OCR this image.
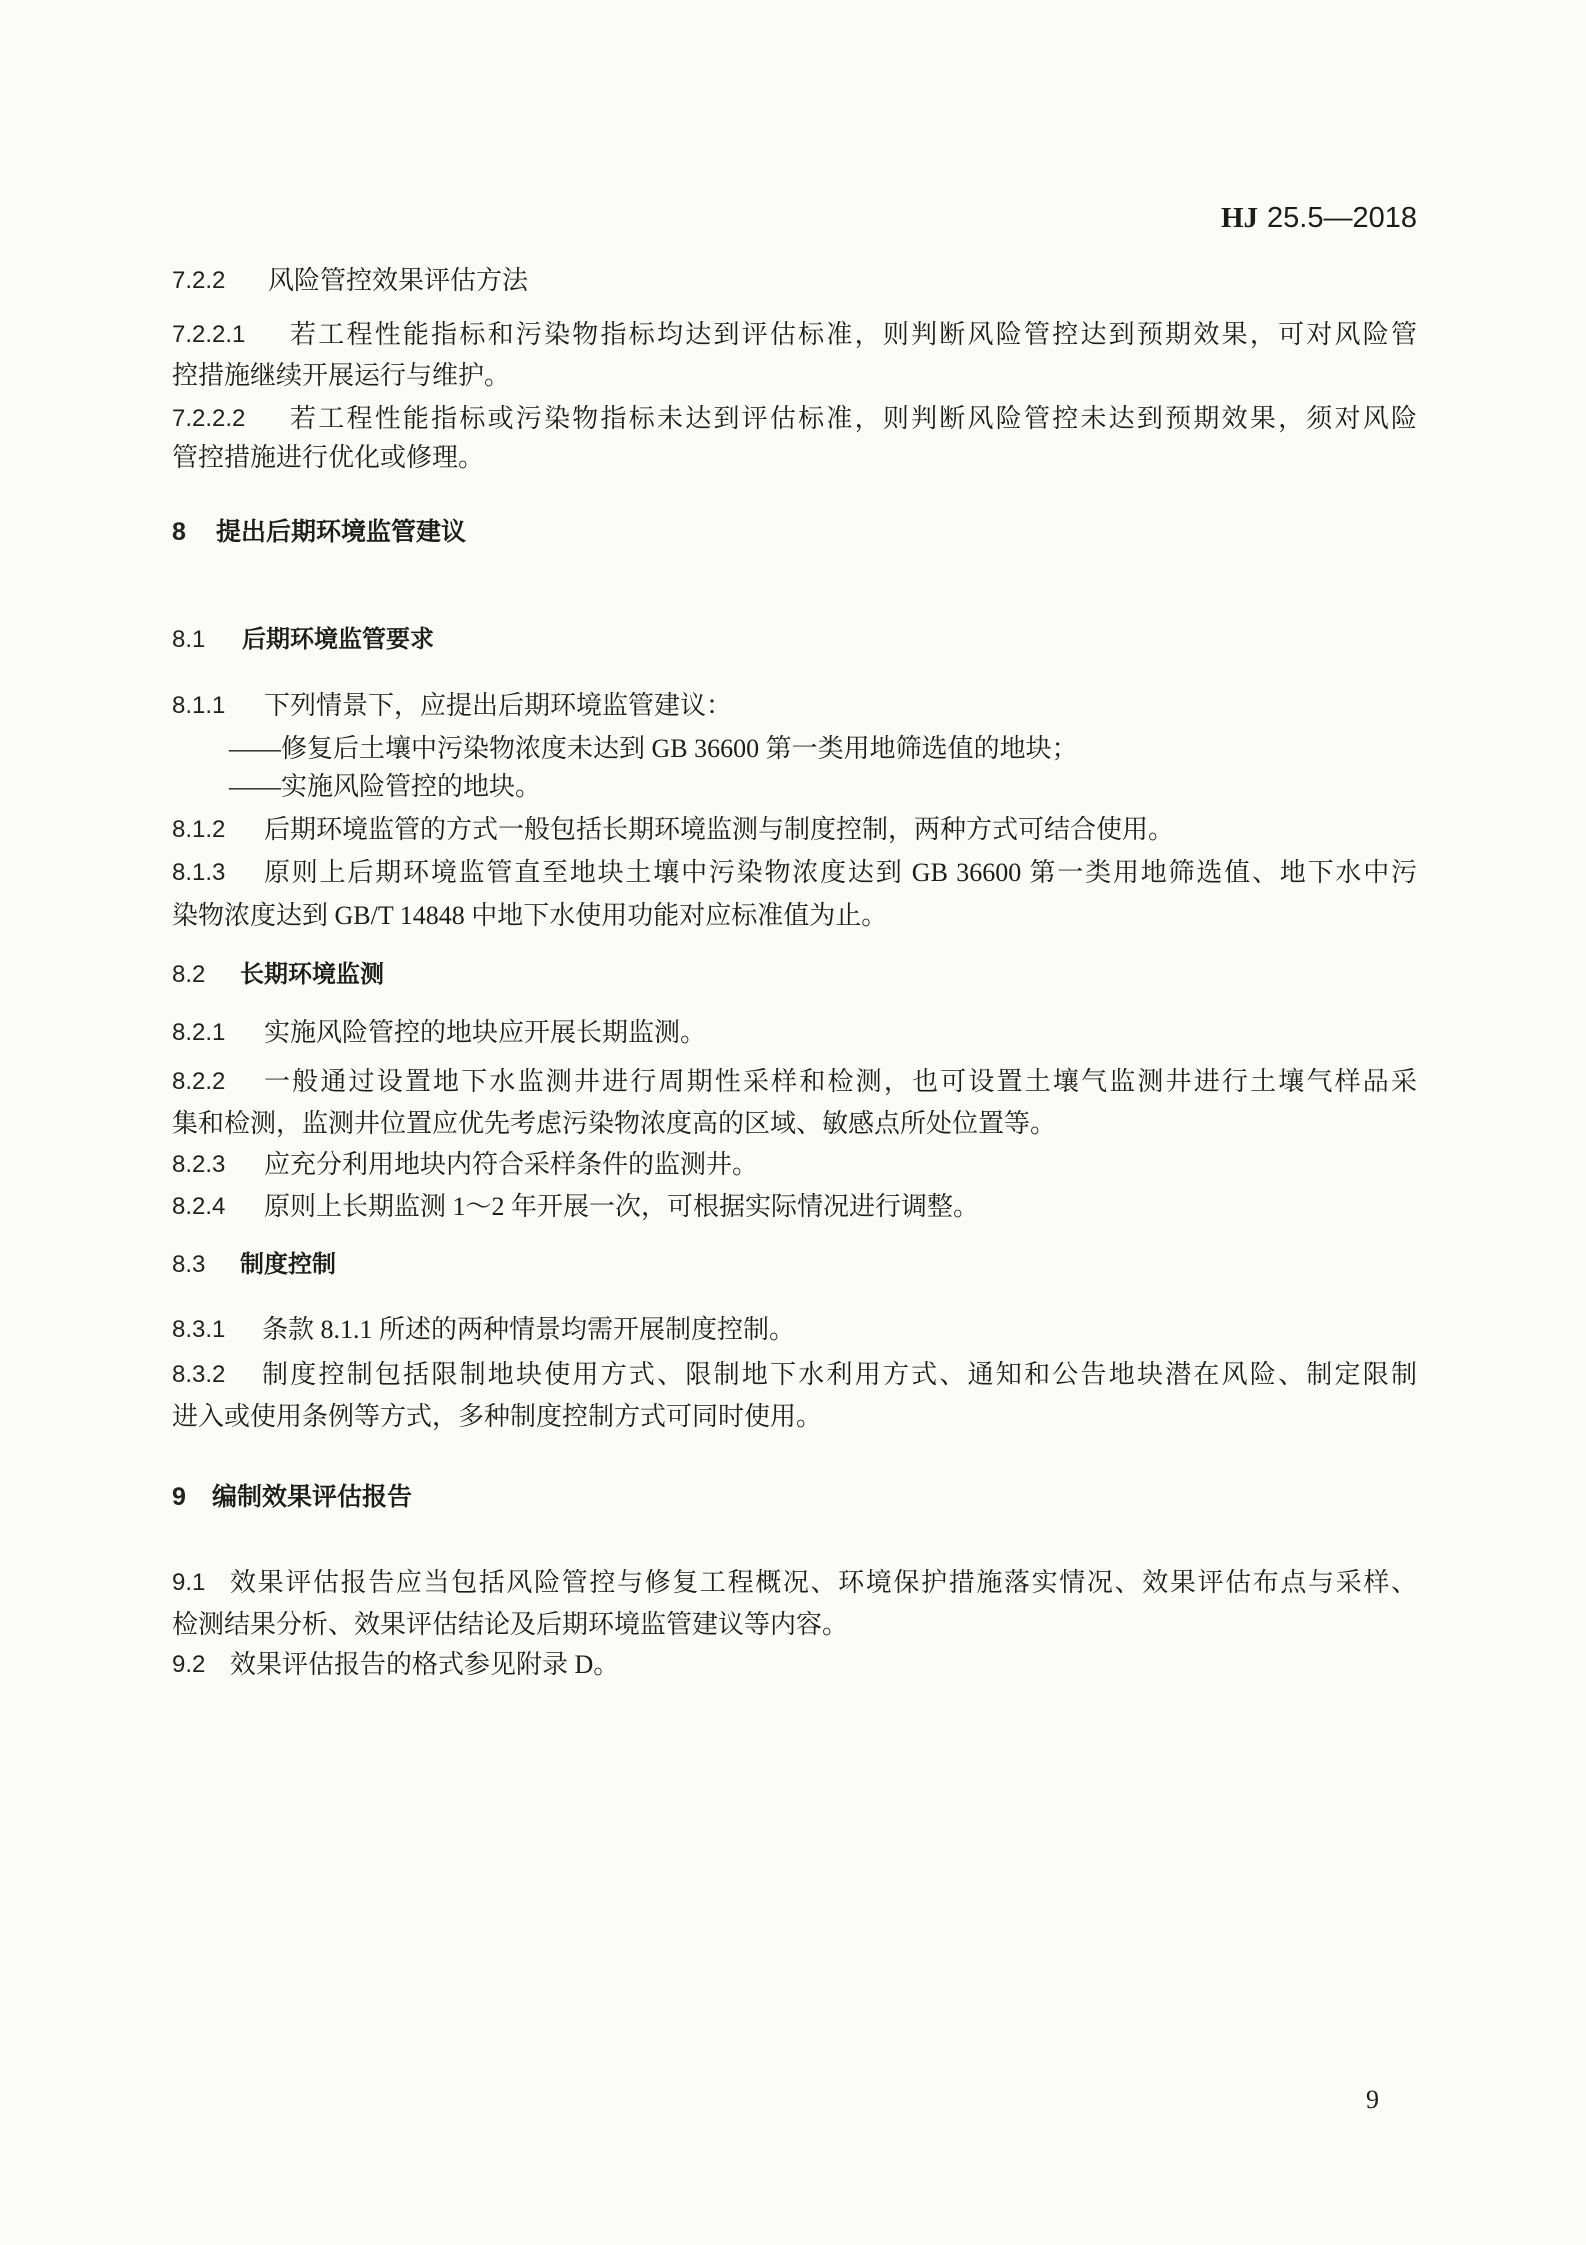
HJ 25.5—2018
7.2.2 风险管控效果评估方法
7.2.2.1 若工程性能指标和污染物指标均达到评估标准，则判断风险管控达到预期效果，可对风险管
控措施继续开展运行与维护。
7.2.2.2 若工程性能指标或污染物指标未达到评估标准，则判断风险管控未达到预期效果，须对风险
管控措施进行优化或修理。
8 提出后期环境监管建议
8.1 后期环境监管要求
8.1.1 下列情景下，应提出后期环境监管建议：
——修复后土壤中污染物浓度未达到 GB 36600 第一类用地筛选值的地块；
——实施风险管控的地块。
8.1.2 后期环境监管的方式一般包括长期环境监测与制度控制，两种方式可结合使用。
8.1.3 原则上后期环境监管直至地块土壤中污染物浓度达到 GB 36600 第一类用地筛选值、地下水中污
染物浓度达到 GB/T 14848 中地下水使用功能对应标准值为止。
8.2 长期环境监测
8.2.1 实施风险管控的地块应开展长期监测。
8.2.2 一般通过设置地下水监测井进行周期性采样和检测，也可设置土壤气监测井进行土壤气样品采
集和检测，监测井位置应优先考虑污染物浓度高的区域、敏感点所处位置等。
8.2.3 应充分利用地块内符合采样条件的监测井。
8.2.4 原则上长期监测 1～2 年开展一次，可根据实际情况进行调整。
8.3 制度控制
8.3.1 条款 8.1.1 所述的两种情景均需开展制度控制。
8.3.2 制度控制包括限制地块使用方式、限制地下水利用方式、通知和公告地块潜在风险、制定限制
进入或使用条例等方式，多种制度控制方式可同时使用。
9 编制效果评估报告
9.1 效果评估报告应当包括风险管控与修复工程概况、环境保护措施落实情况、效果评估布点与采样、
检测结果分析、效果评估结论及后期环境监管建议等内容。
9.2 效果评估报告的格式参见附录 D。
9
